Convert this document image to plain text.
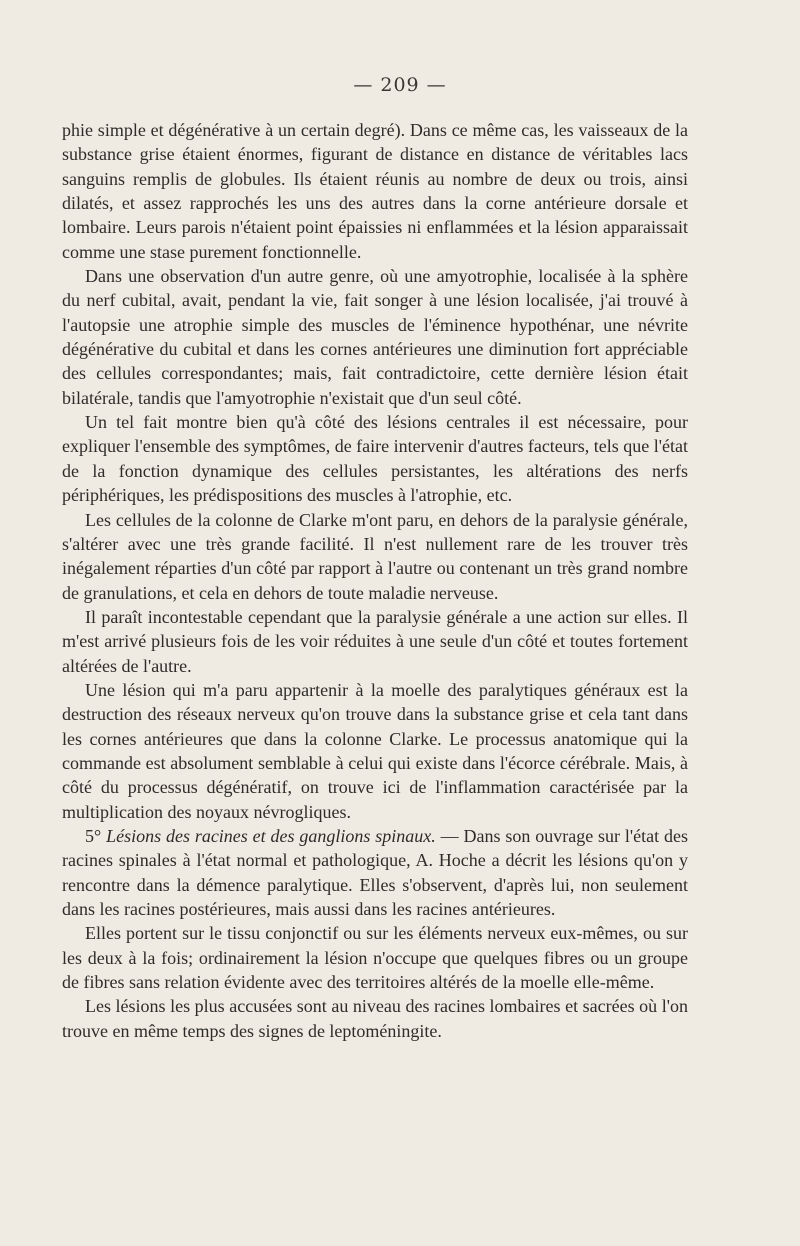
— 209 —

phie simple et dégénérative à un certain degré). Dans ce même cas, les vaisseaux de la substance grise étaient énormes, figurant de distance en distance de véritables lacs sanguins remplis de globules. Ils étaient réunis au nombre de deux ou trois, ainsi dilatés, et assez rapprochés les uns des autres dans la corne antérieure dorsale et lombaire. Leurs parois n'étaient point épaissies ni enflammées et la lésion apparaissait comme une stase purement fonctionnelle.

Dans une observation d'un autre genre, où une amyotrophie, localisée à la sphère du nerf cubital, avait, pendant la vie, fait songer à une lésion localisée, j'ai trouvé à l'autopsie une atrophie simple des muscles de l'éminence hypothénar, une névrite dégénérative du cubital et dans les cornes antérieures une diminution fort appréciable des cellules correspondantes; mais, fait contradictoire, cette dernière lésion était bilatérale, tandis que l'amyotrophie n'existait que d'un seul côté.

Un tel fait montre bien qu'à côté des lésions centrales il est nécessaire, pour expliquer l'ensemble des symptômes, de faire intervenir d'autres facteurs, tels que l'état de la fonction dynamique des cellules persistantes, les altérations des nerfs périphériques, les prédispositions des muscles à l'atrophie, etc.

Les cellules de la colonne de Clarke m'ont paru, en dehors de la paralysie générale, s'altérer avec une très grande facilité. Il n'est nullement rare de les trouver très inégalement réparties d'un côté par rapport à l'autre ou contenant un très grand nombre de granulations, et cela en dehors de toute maladie nerveuse.

Il paraît incontestable cependant que la paralysie générale a une action sur elles. Il m'est arrivé plusieurs fois de les voir réduites à une seule d'un côté et toutes fortement altérées de l'autre.

Une lésion qui m'a paru appartenir à la moelle des paralytiques généraux est la destruction des réseaux nerveux qu'on trouve dans la substance grise et cela tant dans les cornes antérieures que dans la colonne Clarke. Le processus anatomique qui la commande est absolument semblable à celui qui existe dans l'écorce cérébrale. Mais, à côté du processus dégénératif, on trouve ici de l'inflammation caractérisée par la multiplication des noyaux névrogliques.

5° Lésions des racines et des ganglions spinaux. — Dans son ouvrage sur l'état des racines spinales à l'état normal et pathologique, A. Hoche a décrit les lésions qu'on y rencontre dans la démence paralytique. Elles s'observent, d'après lui, non seulement dans les racines postérieures, mais aussi dans les racines antérieures.

Elles portent sur le tissu conjonctif ou sur les éléments nerveux eux-mêmes, ou sur les deux à la fois; ordinairement la lésion n'occupe que quelques fibres ou un groupe de fibres sans relation évidente avec des territoires altérés de la moelle elle-même.

Les lésions les plus accusées sont au niveau des racines lombaires et sacrées où l'on trouve en même temps des signes de leptoméningite.
